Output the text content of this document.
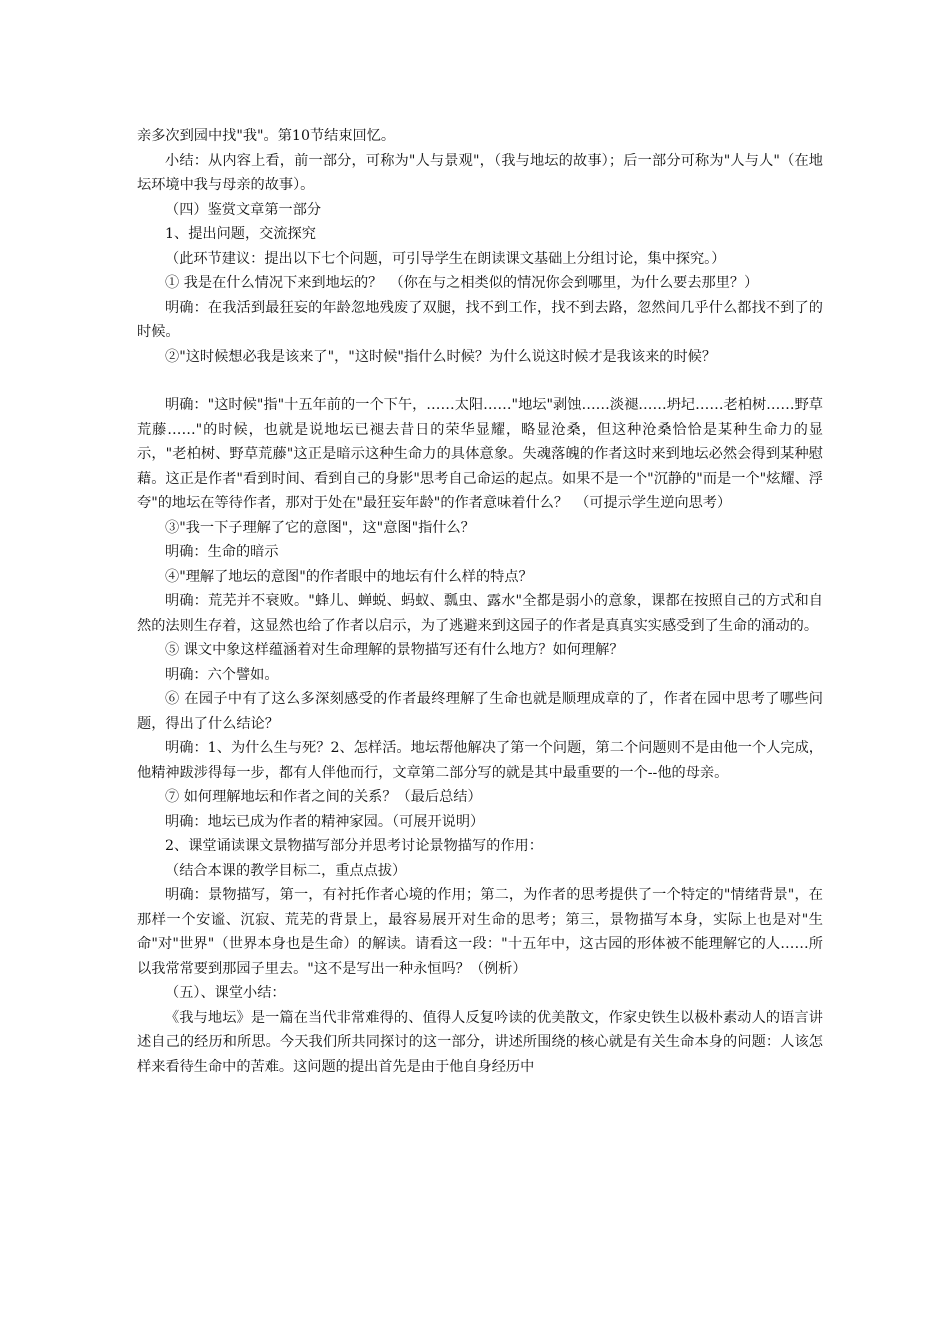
亲多次到园中找"我"。第10节结束回忆。

小结：从内容上看，前一部分，可称为"人与景观"，（我与地坛的故事）；后一部分可称为"人与人"（在地坛环境中我与母亲的故事）。

（四）鉴赏文章第一部分

1、提出问题，交流探究

（此环节建议：提出以下七个问题，可引导学生在朗读课文基础上分组讨论，集中探究。）

① 我是在什么情况下来到地坛的？　（你在与之相类似的情况你会到哪里，为什么要去那里？）

明确：在我活到最狂妄的年龄忽地残废了双腿，找不到工作，找不到去路，忽然间几乎什么都找不到了的时候。

②"这时候想必我是该来了"，"这时候"指什么时候？为什么说这时候才是我该来的时候？

明确："这时候"指"十五年前的一个下午，……太阳……"地坛"剥蚀……淡褪……坍圮……老柏树……野草荒藤……"的时候，也就是说地坛已褪去昔日的荣华显耀，略显沧桑，但这种沧桑恰恰是某种生命力的显示，"老柏树、野草荒藤"这正是暗示这种生命力的具体意象。失魂落魄的作者这时来到地坛必然会得到某种慰藉。这正是作者"看到时间、看到自己的身影"思考自己命运的起点。如果不是一个"沉静的"而是一个"炫耀、浮夸"的地坛在等待作者，那对于处在"最狂妄年龄"的作者意味着什么？　（可提示学生逆向思考）

③"我一下子理解了它的意图"，这"意图"指什么？

明确：生命的暗示

④"理解了地坛的意图"的作者眼中的地坛有什么样的特点？

明确：荒芜并不衰败。"蜂儿、蝉蜕、蚂蚁、瓢虫、露水"全都是弱小的意象，课都在按照自己的方式和自然的法则生存着，这显然也给了作者以启示，为了逃避来到这园子的作者是真真实实感受到了生命的涌动的。

⑤ 课文中象这样蕴涵着对生命理解的景物描写还有什么地方？如何理解？

明确：六个譬如。

⑥ 在园子中有了这么多深刻感受的作者最终理解了生命也就是顺理成章的了，作者在园中思考了哪些问题，得出了什么结论？

明确：1、为什么生与死？2、怎样活。地坛帮他解决了第一个问题，第二个问题则不是由他一个人完成，他精神跋涉得每一步，都有人伴他而行，文章第二部分写的就是其中最重要的一个--他的母亲。

⑦ 如何理解地坛和作者之间的关系？（最后总结）

明确：地坛已成为作者的精神家园。（可展开说明）

2、课堂诵读课文景物描写部分并思考讨论景物描写的作用：

（结合本课的教学目标二，重点点拔）

明确：景物描写，第一，有衬托作者心境的作用；第二，为作者的思考提供了一个特定的"情绪背景"，在那样一个安谧、沉寂、荒芜的背景上，最容易展开对生命的思考；第三，景物描写本身，实际上也是对"生命"对"世界"（世界本身也是生命）的解读。请看这一段："十五年中，这古园的形体被不能理解它的人……所以我常常要到那园子里去。"这不是写出一种永恒吗？（例析）

（五）、课堂小结：

《我与地坛》是一篇在当代非常难得的、值得人反复吟读的优美散文，作家史铁生以极朴素动人的语言讲述自己的经历和所思。今天我们所共同探讨的这一部分，讲述所围绕的核心就是有关生命本身的问题：人该怎样来看待生命中的苦难。这问题的提出首先是由于他自身经历中
